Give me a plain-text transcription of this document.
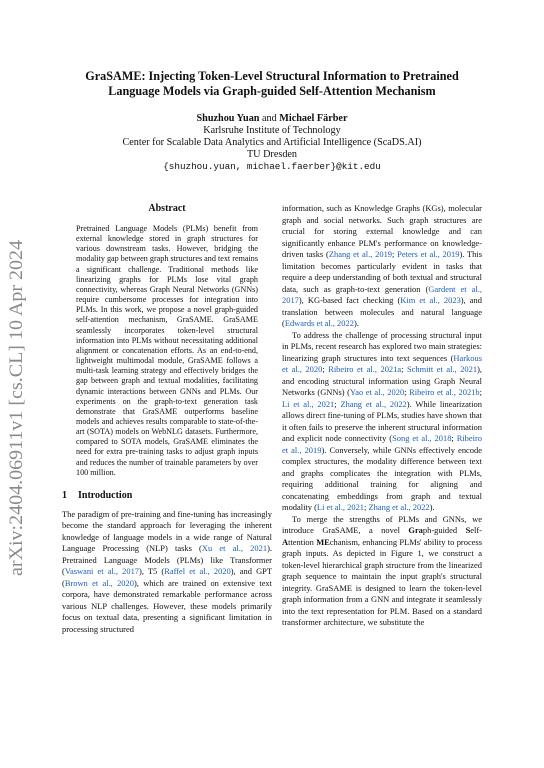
arXiv:2404.06911v1 [cs.CL] 10 Apr 2024
GraSAME: Injecting Token-Level Structural Information to Pretrained
Language Models via Graph-guided Self-Attention Mechanism
Shuzhou Yuan and Michael Färber
Karlsruhe Institute of Technology
Center for Scalable Data Analytics and Artificial Intelligence (ScaDS.AI)
TU Dresden
{shuzhou.yuan, michael.faerber}@kit.edu
Abstract

Pretrained Language Models (PLMs) benefit from external knowledge stored in graph structures for various downstream tasks. However, bridging the modality gap between graph structures and text remains a significant challenge. Traditional methods like linearizing graphs for PLMs lose vital graph connectivity, whereas Graph Neural Networks (GNNs) require cumbersome processes for integration into PLMs. In this work, we propose a novel graph-guided self-attention mechanism, GraSAME. GraSAME seamlessly incorporates token-level structural information into PLMs without necessitating additional alignment or concatenation efforts. As an end-to-end, lightweight multimodal module, GraSAME follows a multi-task learning strategy and effectively bridges the gap between graph and textual modalities, facilitating dynamic interactions between GNNs and PLMs. Our experiments on the graph-to-text generation task demonstrate that GraSAME outperforms baseline models and achieves results comparable to state-of-the-art (SOTA) models on WebNLG datasets. Furthermore, compared to SOTA models, GraSAME eliminates the need for extra pre-training tasks to adjust graph inputs and reduces the number of trainable parameters by over 100 million.

1 Introduction

The paradigm of pre-training and fine-tuning has increasingly become the standard approach for leveraging the inherent knowledge of language models in a wide range of Natural Language Processing (NLP) tasks (Xu et al., 2021). Pretrained Language Models (PLMs) like Transformer (Vaswani et al., 2017), T5 (Raffel et al., 2020), and GPT (Brown et al., 2020), which are trained on extensive text corpora, have demonstrated remarkable performance across various NLP challenges. However, these models primarily focus on textual data, presenting a significant limitation in processing structured

information, such as Knowledge Graphs (KGs), molecular graph and social networks. Such graph structures are crucial for storing external knowledge and can significantly enhance PLM's performance on knowledge-driven tasks (Zhang et al., 2019; Peters et al., 2019). This limitation becomes particularly evident in tasks that require a deep understanding of both textual and structural data, such as graph-to-text generation (Gardent et al., 2017), KG-based fact checking (Kim et al., 2023), and translation between molecules and natural language (Edwards et al., 2022).

To address the challenge of processing structural input in PLMs, recent research has explored two main strategies: linearizing graph structures into text sequences (Harkous et al., 2020; Ribeiro et al., 2021a; Schmitt et al., 2021), and encoding structural information using Graph Neural Networks (GNNs) (Yao et al., 2020; Ribeiro et al., 2021b; Li et al., 2021; Zhang et al., 2022). While linearization allows direct fine-tuning of PLMs, studies have shown that it often fails to preserve the inherent structural information and explicit node connectivity (Song et al., 2018; Ribeiro et al., 2019). Conversely, while GNNs effectively encode complex structures, the modality difference between text and graphs complicates the integration with PLMs, requiring additional training for aligning and concatenating embeddings from graph and textual modality (Li et al., 2021; Zhang et al., 2022).

To merge the strengths of PLMs and GNNs, we introduce GraSAME, a novel Graph-guided Self-Attention MEchanism, enhancing PLMs' ability to process graph inputs. As depicted in Figure 1, we construct a token-level hierarchical graph structure from the linearized graph sequence to maintain the input graph's structural integrity. GraSAME is designed to learn the token-level graph information from a GNN and integrate it seamlessly into the text representation for PLM. Based on a standard transformer architecture, we substitute the
